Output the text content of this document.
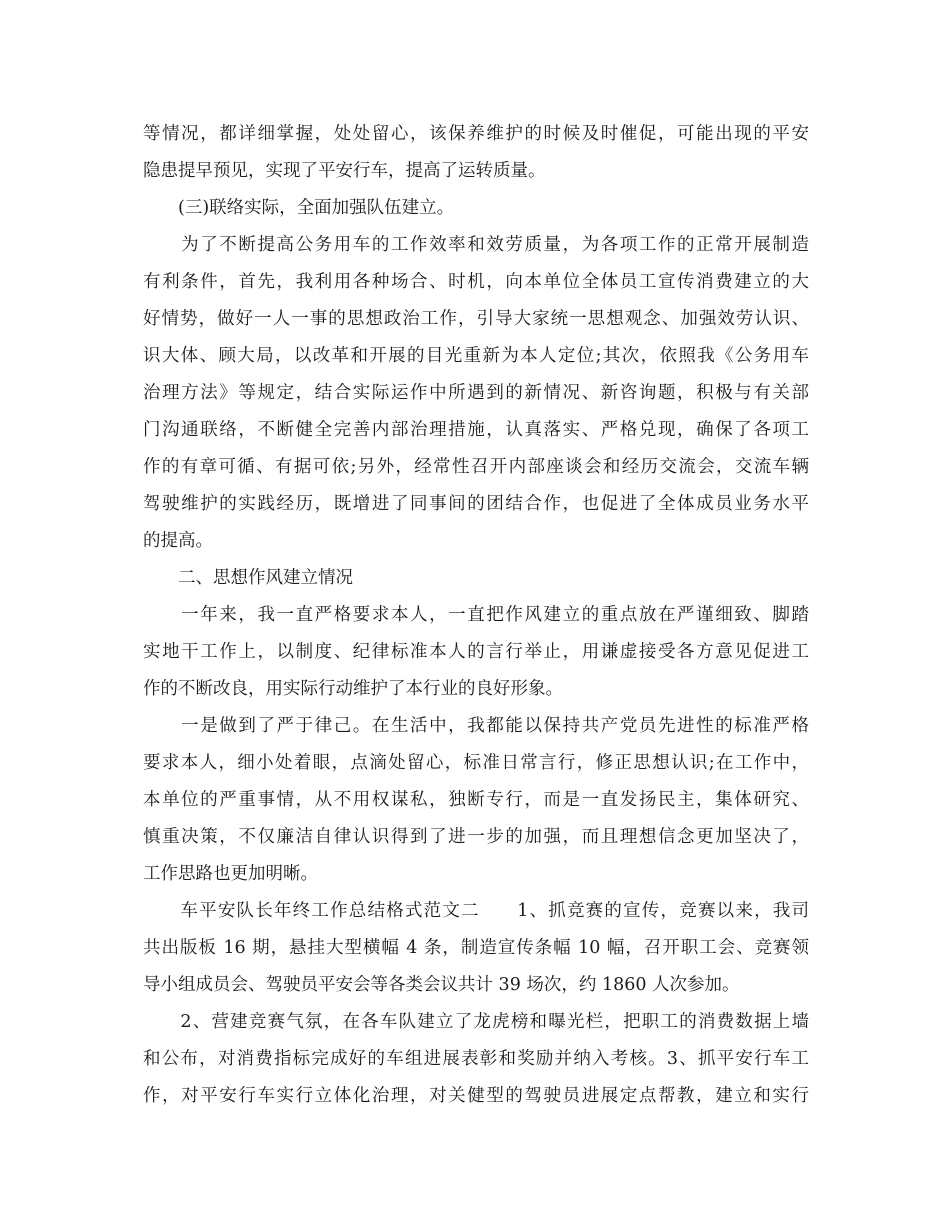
等情况，都详细掌握，处处留心，该保养维护的时候及时催促，可能出现的平安
隐患提早预见，实现了平安行车，提高了运转质量。
　　(三)联络实际，全面加强队伍建立。
　　为了不断提高公务用车的工作效率和效劳质量，为各项工作的正常开展制造
有利条件，首先，我利用各种场合、时机，向本单位全体员工宣传消费建立的大
好情势，做好一人一事的思想政治工作，引导大家统一思想观念、加强效劳认识、
识大体、顾大局，以改革和开展的目光重新为本人定位;其次，依照我《公务用车
治理方法》等规定，结合实际运作中所遇到的新情况、新咨询题，积极与有关部
门沟通联络，不断健全完善内部治理措施，认真落实、严格兑现，确保了各项工
作的有章可循、有据可依;另外，经常性召开内部座谈会和经历交流会，交流车辆
驾驶维护的实践经历，既增进了同事间的团结合作，也促进了全体成员业务水平
的提高。
　　二、思想作风建立情况
　　一年来，我一直严格要求本人，一直把作风建立的重点放在严谨细致、脚踏
实地干工作上，以制度、纪律标准本人的言行举止，用谦虚接受各方意见促进工
作的不断改良，用实际行动维护了本行业的良好形象。
　　一是做到了严于律己。在生活中，我都能以保持共产党员先进性的标准严格
要求本人，细小处着眼，点滴处留心，标准日常言行，修正思想认识;在工作中，
本单位的严重事情，从不用权谋私，独断专行，而是一直发扬民主，集体研究、
慎重决策，不仅廉洁自律认识得到了进一步的加强，而且理想信念更加坚决了，
工作思路也更加明晰。
　　车平安队长年终工作总结格式范文二　　1、抓竞赛的宣传，竞赛以来，我司
共出版板 16 期，悬挂大型横幅 4 条，制造宣传条幅 10 幅，召开职工会、竞赛领
导小组成员会、驾驶员平安会等各类会议共计 39 场次，约 1860 人次参加。
　　2、营建竞赛气氛，在各车队建立了龙虎榜和曝光栏，把职工的消费数据上墙
和公布，对消费指标完成好的车组进展表彰和奖励并纳入考核。3、抓平安行车工
作，对平安行车实行立体化治理，对关健型的驾驶员进展定点帮教，建立和实行
